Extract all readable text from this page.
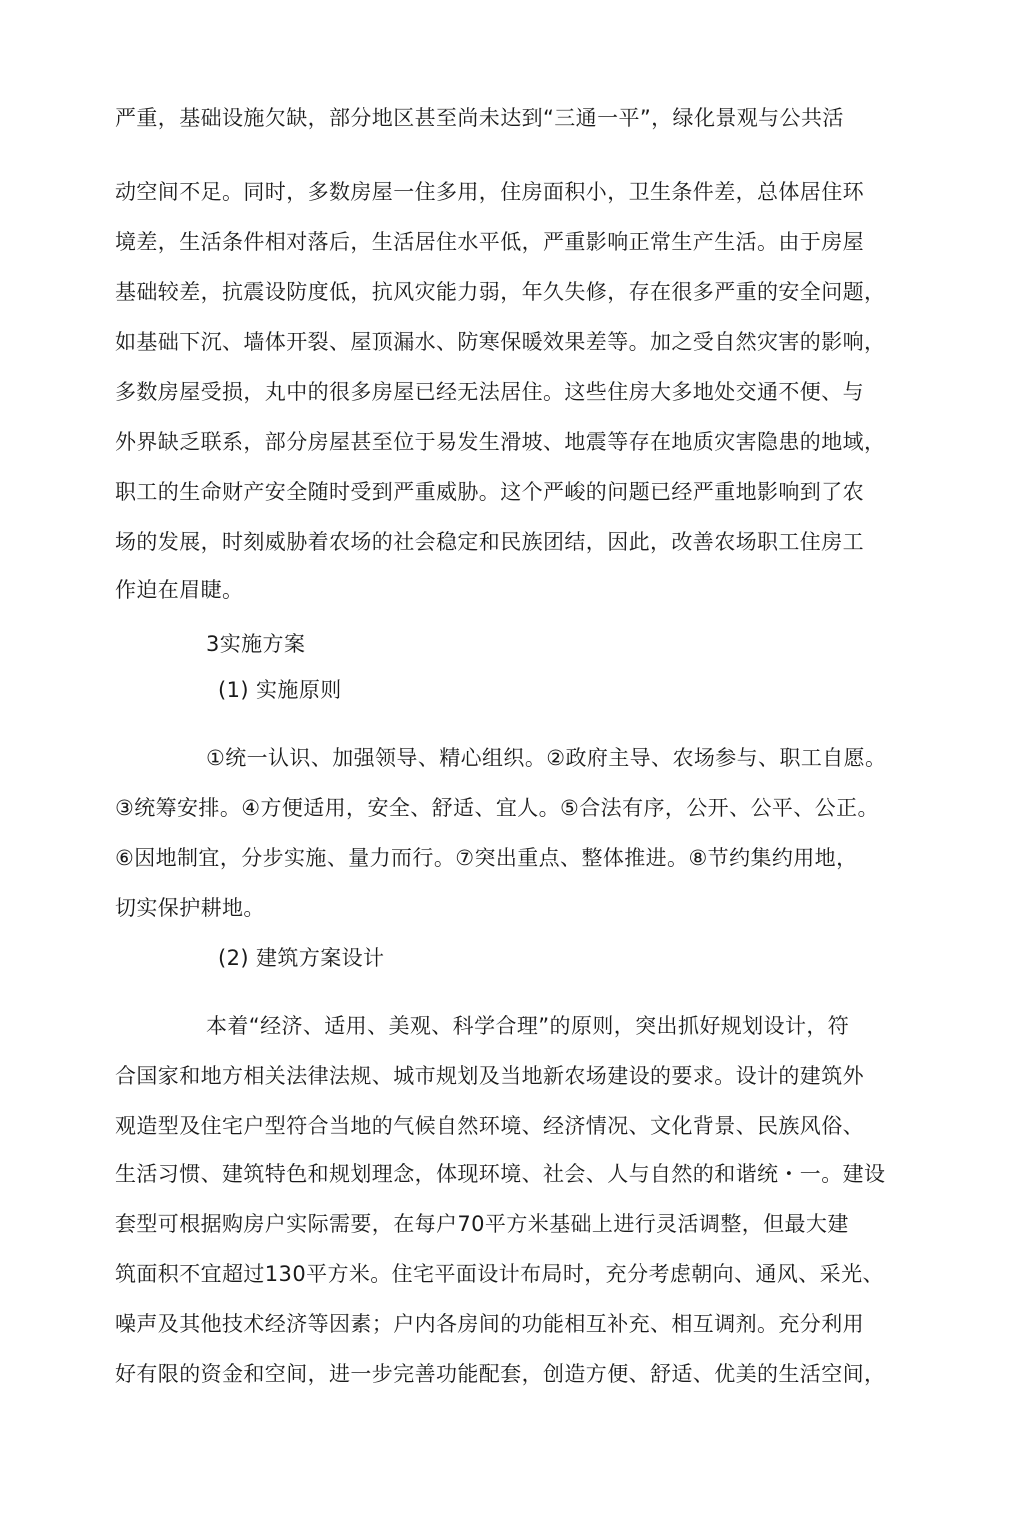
严重，基础设施欠缺，部分地区甚至尚未达到“三通一平”，绿化景观与公共活
动空间不足。同时，多数房屋一住多用，住房面积小，卫生条件差，总体居住环
境差，生活条件相对落后，生活居住水平低，严重影响正常生产生活。由于房屋
基础较差，抗震设防度低，抗风灾能力弱，年久失修，存在很多严重的安全问题，
如基础下沉、墙体开裂、屋顶漏水、防寒保暖效果差等。加之受自然灾害的影响，
多数房屋受损，丸中的很多房屋已经无法居住。这些住房大多地处交通不便、与
外界缺乏联系，部分房屋甚至位于易发生滑坡、地震等存在地质灾害隐患的地域，
职工的生命财产安全随时受到严重威胁。这个严峻的问题已经严重地影响到了农
场的发展，时刻威胁着农场的社会稳定和民族团结，因此，改善农场职工住房工
作迫在眉睫。
3实施方案
(1) 实施原则
①统一认识、加强领导、精心组织。②政府主导、农场参与、职工自愿。
③统筹安排。④方便适用，安全、舒适、宜人。⑤合法有序，公开、公平、公正。
⑥因地制宜，分步实施、量力而行。⑦突出重点、整体推进。⑧节约集约用地，
切实保护耕地。
(2) 建筑方案设计
本着“经济、适用、美观、科学合理”的原则，突出抓好规划设计，符
合国家和地方相关法律法规、城市规划及当地新农场建设的要求。设计的建筑外
观造型及住宅户型符合当地的气候自然环境、经济情况、文化背景、民族风俗、
生活习惯、建筑特色和规划理念，体现环境、社会、人与自然的和谐统・一。建设
套型可根据购房户实际需要，在每户70平方米基础上进行灵活调整，但最大建
筑面积不宜超过130平方米。住宅平面设计布局时，充分考虑朝向、通风、采光、
噪声及其他技术经济等因素；户内各房间的功能相互补充、相互调剂。充分利用
好有限的资金和空间，进一步完善功能配套，创造方便、舒适、优美的生活空间，
